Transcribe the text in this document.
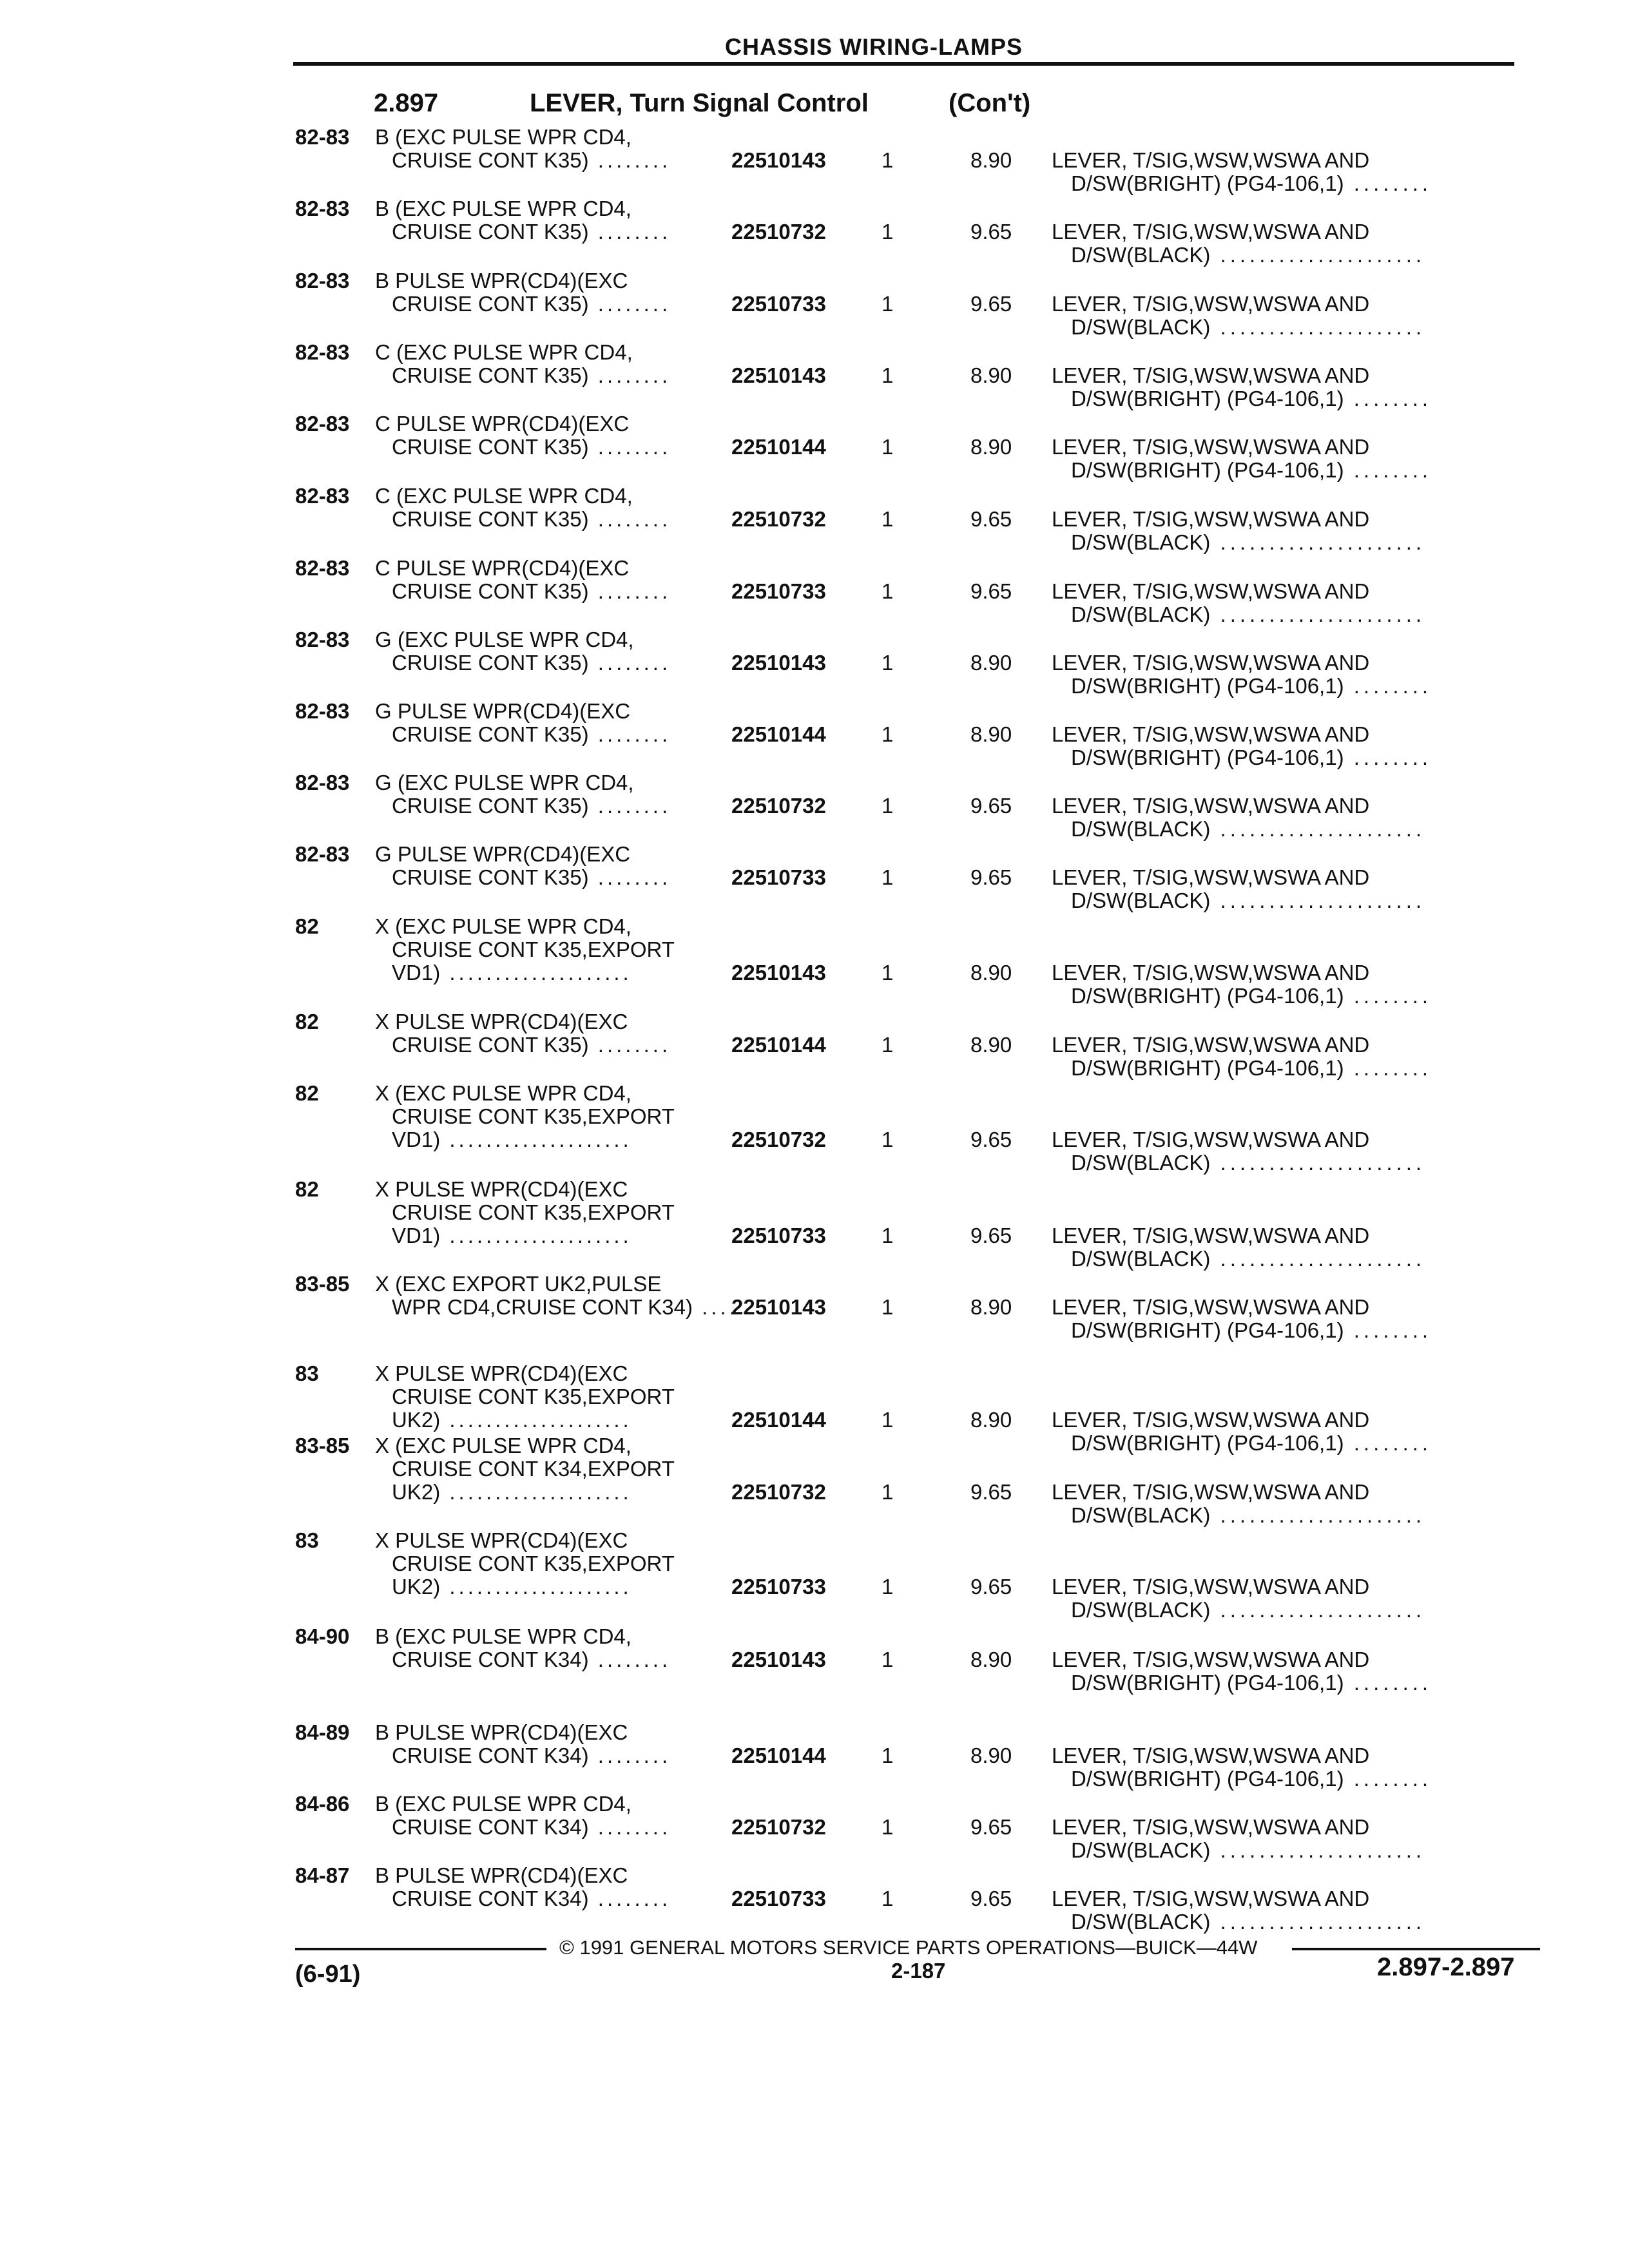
CHASSIS WIRING-LAMPS
2.897	LEVER, Turn Signal Control	(Con't)
82-83 B (EXC PULSE WPR CD4,
CRUISE CONT K35) ........	22510143	1	8.90 LEVER, T/SIG,WSW,WSWA AND
D/SW(BRIGHT) (PG4-106,1) ........
82-83 B (EXC PULSE WPR CD4,
CRUISE CONT K35) ........	22510732	1	9.65 LEVER, T/SIG,WSW,WSWA AND
D/SW(BLACK) .....................
82-83 B PULSE WPR(CD4)(EXC
CRUISE CONT K35) ........	22510733	1	9.65 LEVER, T/SIG,WSW,WSWA AND
D/SW(BLACK) .....................
82-83 C (EXC PULSE WPR CD4,
CRUISE CONT K35) ........	22510143	1	8.90 LEVER, T/SIG,WSW,WSWA AND
D/SW(BRIGHT) (PG4-106,1) ........
82-83 C PULSE WPR(CD4)(EXC
CRUISE CONT K35) ........	22510144	1	8.90 LEVER, T/SIG,WSW,WSWA AND
D/SW(BRIGHT) (PG4-106,1) ........
82-83 C (EXC PULSE WPR CD4,
CRUISE CONT K35) ........	22510732	1	9.65 LEVER, T/SIG,WSW,WSWA AND
D/SW(BLACK) .....................
82-83 C PULSE WPR(CD4)(EXC
CRUISE CONT K35) ........	22510733	1	9.65 LEVER, T/SIG,WSW,WSWA AND
D/SW(BLACK) .....................
82-83 G (EXC PULSE WPR CD4,
CRUISE CONT K35) ........	22510143	1	8.90 LEVER, T/SIG,WSW,WSWA AND
D/SW(BRIGHT) (PG4-106,1) ........
82-83 G PULSE WPR(CD4)(EXC
CRUISE CONT K35) ........	22510144	1	8.90 LEVER, T/SIG,WSW,WSWA AND
D/SW(BRIGHT) (PG4-106,1) ........
82-83 G (EXC PULSE WPR CD4,
CRUISE CONT K35) ........	22510732	1	9.65 LEVER, T/SIG,WSW,WSWA AND
D/SW(BLACK) .....................
82-83 G PULSE WPR(CD4)(EXC
CRUISE CONT K35) ........	22510733	1	9.65 LEVER, T/SIG,WSW,WSWA AND
D/SW(BLACK) .....................
82	X (EXC PULSE WPR CD4,
CRUISE CONT K35,EXPORT
VD1) ....................	22510143	1	8.90 LEVER, T/SIG,WSW,WSWA AND
D/SW(BRIGHT) (PG4-106,1) ........
82	X PULSE WPR(CD4)(EXC
CRUISE CONT K35) ........	22510144	1	8.90 LEVER, T/SIG,WSW,WSWA AND
D/SW(BRIGHT) (PG4-106,1) ........
82	X (EXC PULSE WPR CD4,
CRUISE CONT K35,EXPORT
VD1) ....................	22510732	1	9.65 LEVER, T/SIG,WSW,WSWA AND
D/SW(BLACK) .....................
82	X PULSE WPR(CD4)(EXC
CRUISE CONT K35,EXPORT
VD1) ....................	22510733	1	9.65 LEVER, T/SIG,WSW,WSWA AND
D/SW(BLACK) .....................
83-85 X (EXC EXPORT UK2,PULSE
WPR CD4,CRUISE CONT K34) ....
22510143	1	8.90 LEVER, T/SIG,WSW,WSWA AND
D/SW(BRIGHT) (PG4-106,1) ........
83	X PULSE WPR(CD4)(EXC
CRUISE CONT K35,EXPORT
UK2) ....................	22510144	1	8.90 LEVER, T/SIG,WSW,WSWA AND
D/SW(BRIGHT) (PG4-106,1) ........
83-85 X (EXC PULSE WPR CD4,
CRUISE CONT K34,EXPORT
UK2) ....................	22510732	1	9.65 LEVER, T/SIG,WSW,WSWA AND
D/SW(BLACK) .....................
83	X PULSE WPR(CD4)(EXC
CRUISE CONT K35,EXPORT
UK2) ....................	22510733	1	9.65 LEVER, T/SIG,WSW,WSWA AND
D/SW(BLACK) .....................
84-90 B (EXC PULSE WPR CD4,
CRUISE CONT K34) ........	22510143	1	8.90 LEVER, T/SIG,WSW,WSWA AND
D/SW(BRIGHT) (PG4-106,1) ........
84-89 B PULSE WPR(CD4)(EXC
CRUISE CONT K34) ........	22510144	1	8.90 LEVER, T/SIG,WSW,WSWA AND
D/SW(BRIGHT) (PG4-106,1) ........
84-86 B (EXC PULSE WPR CD4,
CRUISE CONT K34) ........	22510732	1	9.65 LEVER, T/SIG,WSW,WSWA AND
D/SW(BLACK) .....................
84-87 B PULSE WPR(CD4)(EXC
CRUISE CONT K34) ........	22510733	1	9.65 LEVER, T/SIG,WSW,WSWA AND
D/SW(BLACK) .....................
© 1991 GENERAL MOTORS SERVICE PARTS OPERATIONS—BUICK—44W
(6-91)	2-187	2.897-2.897
